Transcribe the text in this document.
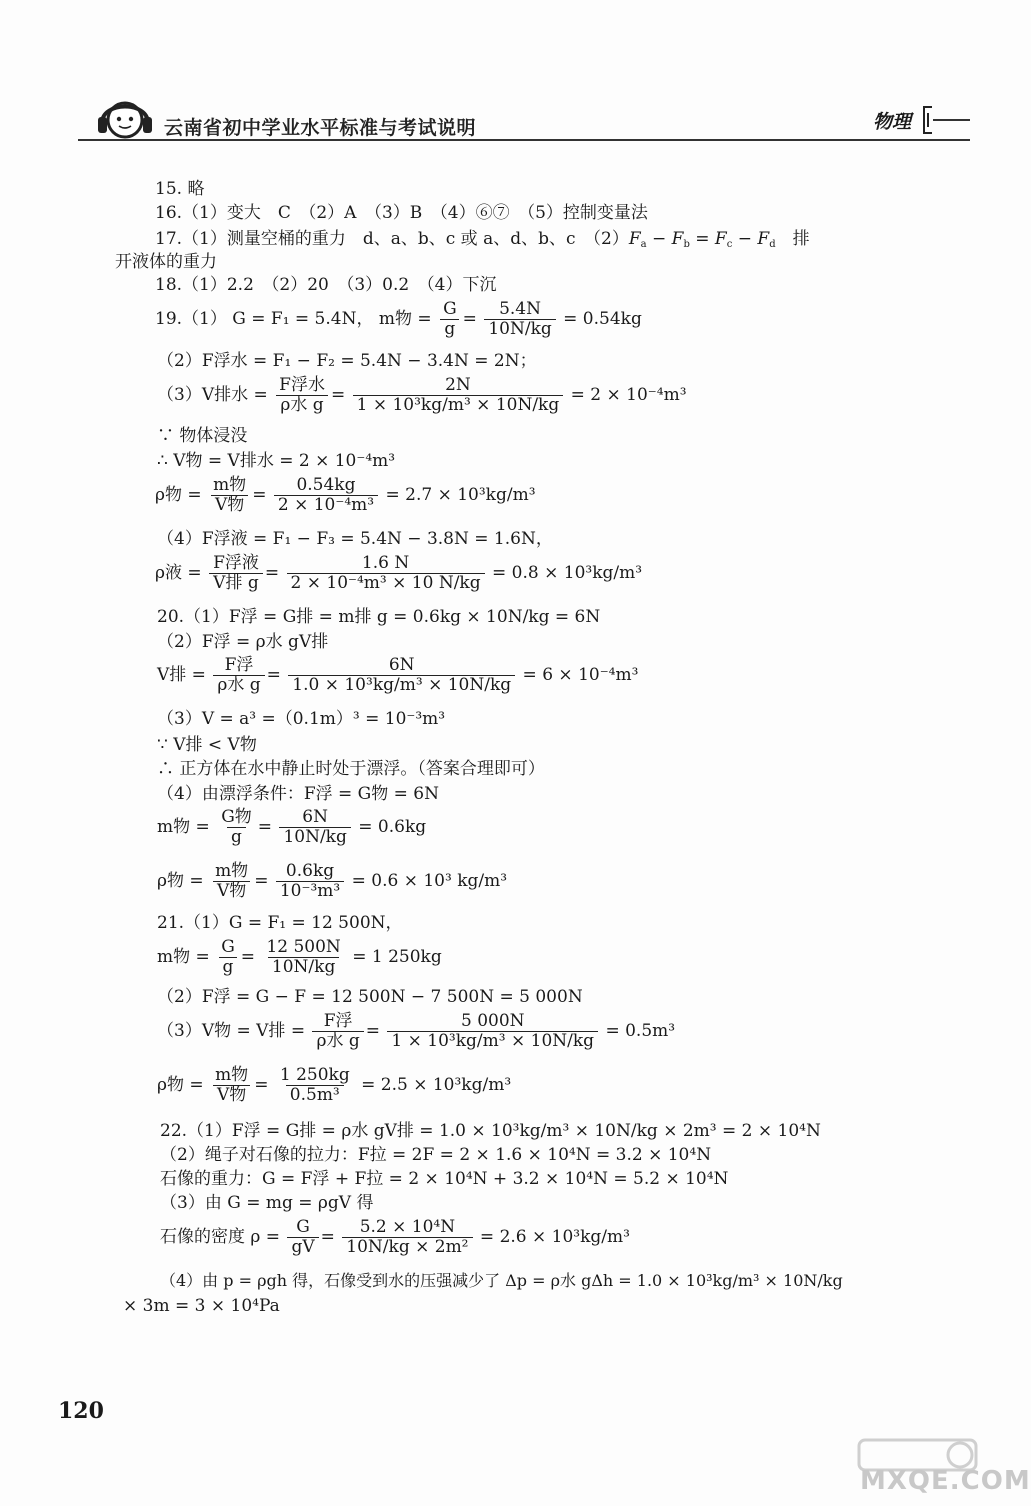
云南省初中学业水平标准与考试说明	物理
15. 略
16.（1）变大　C　（2）A　（3）B　（4）⑥⑦　（5）控制变量法
17.（1）测量空桶的重力　d、a、b、c 或 a、d、b、c　$(2)F_a - F_b = F_c - F_d$　 排
开液体的重力
18.（1）2.2　（2）20　（3）0.2　（4）下沉
19.（1） G = F₁ = 5.4N， m物 = $\frac{G}{g} = \frac{5.4N}{10N/kg} = 0.54kg$
（2）F浮水 = F₁ − F₂ = 5.4N − 3.4N = 2N；
（3）V排水 = $\frac{\text{F浮水}}{\text{ρ水 g}} = \frac{2N}{\text{1 × 10³kg/m³ × 10N/kg}} = 2 \times 10^{-4}m^3$
∵ 物体浸没
∴ V物 = V排水 = 2 × 10⁻⁴m³
ρ物 = $\frac{\text{m物}}{\text{V物}} = \frac{0.54kg}{\text{2 × 10⁻⁴m³}} = 2.7 \times 10^3kg/m^3$
（4）F浮液 = F₁ − F₃ = 5.4N − 3.8N = 1.6N，
ρ液 = $\frac{\text{F浮液}}{\text{V排 g}} = \frac{1.6 N}{\text{2 × 10⁻⁴m³ × 10 N/kg}} = 0.8 \times 10^3kg/m^3$
20.（1）F浮 = G排 = m排 g = 0.6kg × 10N/kg = 6N
（2）F浮 = ρ水 gV排
V排 = $\frac{\text{F浮}}{\text{ρ水 g}} = \frac{6N}{\text{1.0 × 10³kg/m³ × 10N/kg}} = 6 \times 10^{-4}m^3$
（3）V = a³ =（0.1m）³ = 10⁻³m³
∵ V排 < V物
∴ 正方体在水中静止时处于漂浮。（答案合理即可）
（4）由漂浮条件：F浮 = G物 = 6N
m物 = $\frac{\text{G物}}{g} = \frac{6N}{10N/kg} = 0.6kg$
ρ物 = $\frac{\text{m物}}{\text{V物}} = \frac{0.6kg}{\text{10⁻³m³}} = 0.6 \times 10^3$ kg/m³
21.（1）G = F₁ = 12 500N，
m物 = $\frac{G}{g} = \frac{12 500N}{10N/kg} = 1$ 250kg
（2）F浮 = G − F = 12 500N − 7 500N = 5 000N
（3）V物 = V排 = $\frac{\text{F浮}}{\text{ρ水 g}} = \frac{5 000N}{\text{1 × 10³kg/m³ × 10N/kg}} = 0.5m^3$
ρ物 = $\frac{\text{m物}}{\text{V物}} = \frac{1 250kg}{\text{0.5m³}} = 2.5 \times 10^3kg/m^3$
22.（1）F浮 = G排 = ρ水 gV排 = 1.0 × 10³kg/m³ × 10N/kg × 2m³ = 2 × 10⁴N
（2）绳子对石像的拉力：F拉 = 2F = 2 × 1.6 × 10⁴N = 3.2 × 10⁴N
石像的重力：G = F浮 + F拉 = 2 × 10⁴N + 3.2 × 10⁴N = 5.2 × 10⁴N
（3）由 G = mg = ρgV 得
石像的密度 $\rho = \frac{G}{gV} = \frac{\text{5.2 × 10⁴N}}{\text{10N/kg × 2m²}} = 2.6 \times 10^3kg/m^3$
（4）由 p = ρgh 得，石像受到水的压强减少了 Δp = ρ水 gΔh = 1.0 × 10³kg/m³ × 10N/kg
× 3m = 3 × 10⁴Pa
120
MXQE.COM
